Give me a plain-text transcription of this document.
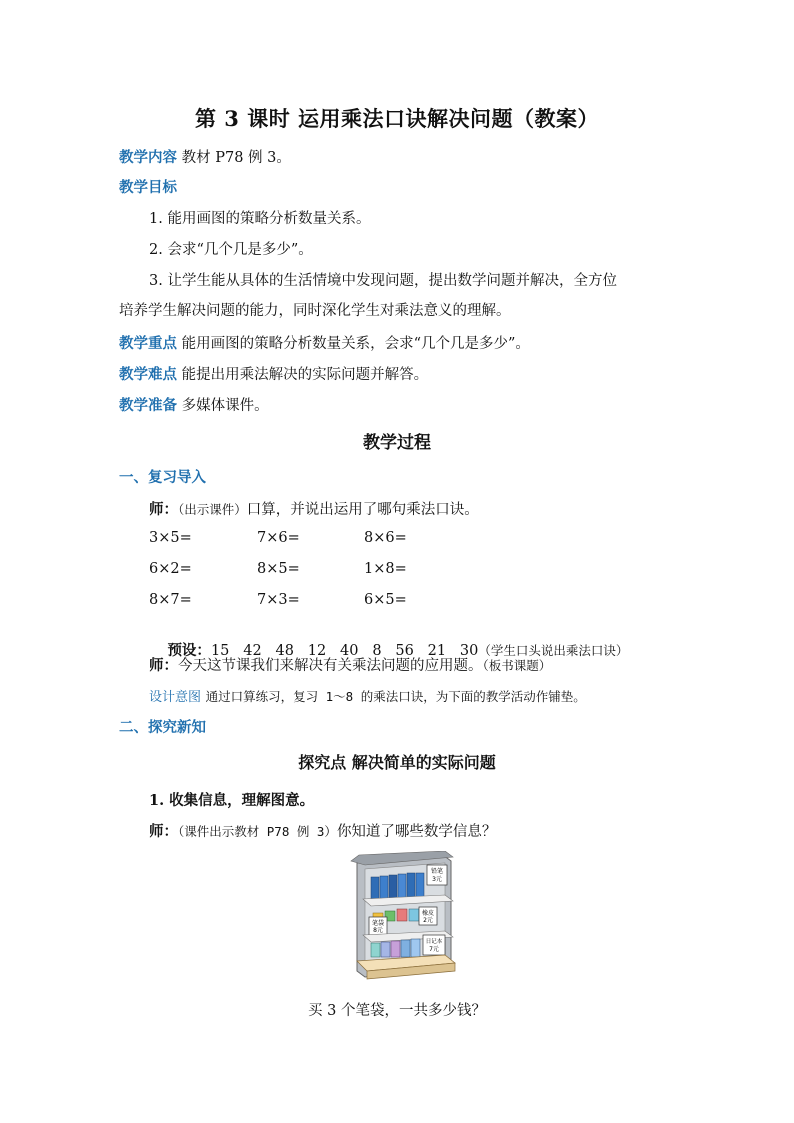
第 3 课时 运用乘法口诀解决问题（教案）
教学内容 教材 P78 例 3。
教学目标
1. 能用画图的策略分析数量关系。
2. 会求“几个几是多少”。
3. 让学生能从具体的生活情境中发现问题，提出数学问题并解决，全方位
培养学生解决问题的能力，同时深化学生对乘法意义的理解。
教学重点 能用画图的策略分析数量关系，会求“几个几是多少”。
教学难点 能提出用乘法解决的实际问题并解答。
教学准备 多媒体课件。
教学过程
一、复习导入
师：（出示课件）口算，并说出运用了哪句乘法口诀。
3×5=	7×6=	8×6=
6×2=	8×5=	1×8=
8×7=	7×3=	6×5=

预设：15   42   48   12   40   8   56   21   30（学生口头说出乘法口诀）

师：今天这节课我们来解决有关乘法问题的应用题。（板书课题）
设计意图 通过口算练习，复习 1～8 的乘法口诀，为下面的教学活动作铺垫。
二、探究新知
探究点 解决简单的实际问题
1. 收集信息，理解图意。
师：（课件出示教材 P78 例 3）你知道了哪些数学信息？
铅笔
3元
笔袋
8元
橡皮
2元
日记本
7元
买 3 个笔袋，一共多少钱？
